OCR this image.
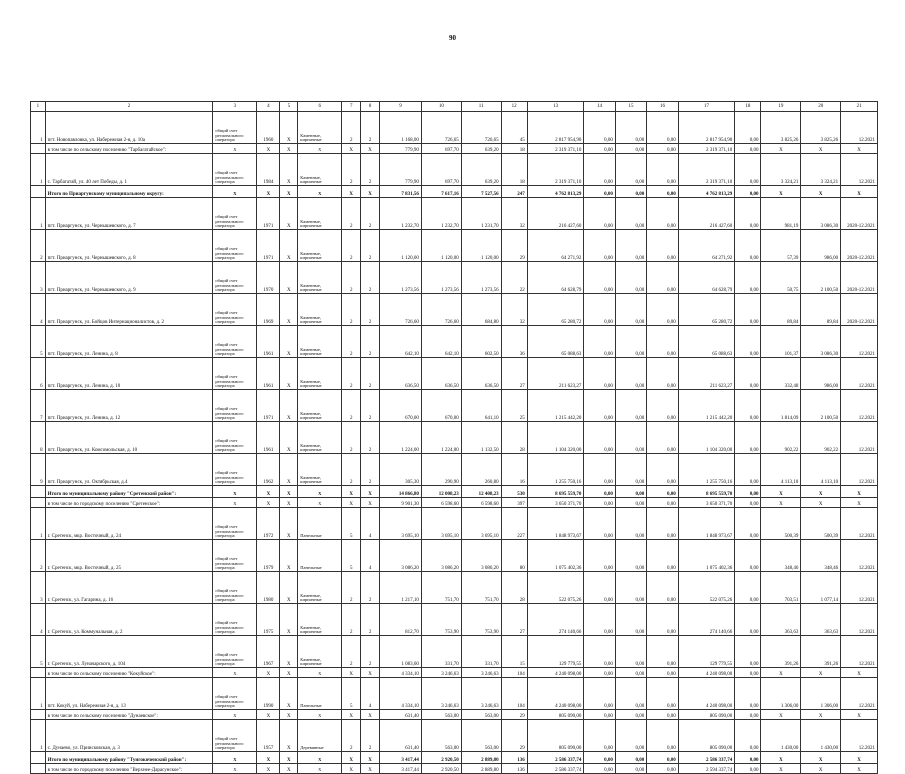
90
1	2	3	4	5	6	7	8	9	10	11	12	13	14	15	16	17	18	19	20	21
1	пгт. Новопавловка, ул. Набережная 2-я, д. 10а	общий счет регионального оператора	1960	Х	Каменные, кирпичные	2	2	1 168,00	726,65	726,65	45	2 817 954,90	0,00	0,00	0,00	2 817 954,90	0,00	3 825,26	3 825,26	12.2021
	в том числе по сельскому поселению "Тарбагатайское":	Х	Х	Х	Х	Х	Х	779,90	697,70	639,20	18	2 319 371,10	0,00	0,00	0,00	2 319 371,10	0,00	Х	Х	Х
1	с. Тарбагатай, ул. 40 лет Победы, д. 1	общий счет регионального оператора	1984	Х	Каменные, кирпичные	2	2	779,90	697,70	639,20	18	2 319 371,10	0,00	0,00	0,00	2 319 371,10	0,00	3 324,21	3 324,21	12.2021
	Итого по Приаргунскому муниципальному округу:	Х	Х	Х	Х	Х	Х	7 831,56	7 617,16	7 527,56	247	4 762 813,29	0,00	0,00	0,00	4 762 813,29	0,00	Х	Х	Х
1	пгт. Приаргунск, ул. Чернышевского, д. 7	общий счет регионального оператора	1971	Х	Каменные, кирпичные	2	2	1 232,70	1 232,70	1 231,70	32	216 427,60	0,00	0,00	0,00	216 427,60	0,00	981,19	3 086,30	2020-12.2021
2	пгт. Приаргунск, ул. Чернышевского, д. 8	общий счет регионального оператора	1971	Х	Каменные, кирпичные	2	2	1 120,00	1 120,00	1 120,00	29	64 271,92	0,00	0,00	0,00	64 271,92	0,00	57,39	986,00	2020-12.2021
3	пгт. Приаргунск, ул. Чернышевского, д. 9	общий счет регионального оператора	1970	Х	Каменные, кирпичные	2	2	1 273,56	1 273,56	1 273,56	22	64 628,79	0,00	0,00	0,00	64 628,79	0,00	50,75	2 100,50	2020-12.2021
4	пгт. Приаргунск, ул. Бойцов Интернационалистов, д. 2	общий счет регионального оператора	1969	Х	Каменные, кирпичные	2	2	726,60	726,60	684,80	32	65 280,72	0,00	0,00	0,00	65 280,72	0,00	89,84	89,84	2020-12.2021
5	пгт. Приаргунск, ул. Ленина, д. 8	общий счет регионального оператора	1961	Х	Каменные, кирпичные	2	2	642,10	642,10	602,50	36	65 088,63	0,00	0,00	0,00	65 088,63	0,00	101,37	3 086,30	12.2021
6	пгт. Приаргунск, ул. Ленина, д. 10	общий счет регионального оператора	1961	Х	Каменные, кирпичные	2	2	636,50	636,50	636,50	27	211 623,27	0,00	0,00	0,00	211 623,27	0,00	332,48	986,00	12.2021
7	пгт. Приаргунск, ул. Ленина, д. 12	общий счет регионального оператора	1971	Х	Каменные, кирпичные	2	2	670,00	670,00	641,10	25	1 215 442,20	0,00	0,00	0,00	1 215 442,20	0,00	1 814,09	2 100,50	12.2021
8	пгт. Приаргунск, ул. Комсомольская, д. 10	общий счет регионального оператора	1961	Х	Каменные, кирпичные	2	2	1 224,00	1 224,00	1 132,50	28	1 104 320,00	0,00	0,00	0,00	1 104 320,00	0,00	902,22	902,22	12.2021
9	пгт. Приаргунск, ул. Октябрьская, д.4	общий счет регионального оператора	1962	Х	Каменные, кирпичные	2	2	305,30	290,90	260,80	16	1 255 750,16	0,00	0,00	0,00	1 255 750,16	0,00	4 113,10	4 113,10	12.2021
	Итого по муниципальному району "Сретенский район":	Х	Х	Х	Х	Х	Х	14 866,80	12 008,23	12 408,23	530	8 695 559,70	0,00	0,00	0,00	8 695 559,70	0,00	Х	Х	Х
	в том числе по городскому поселению "Сретенское":	Х	Х	Х	Х	Х	Х	9 901,30	6 598,60	6 598,60	397	3 650 371,70	0,00	0,00	0,00	3 650 371,70	0,00	Х	Х	Х
1	г. Сретенск, мкр. Восточный, д. 24	общий счет регионального оператора	1972	Х	Панельные	5	4	3 695,10	3 695,10	3 695,10	227	1 848 973,67	0,00	0,00	0,00	1 848 973,67	0,00	500,39	500,39	12.2021
2	г. Сретенск, мкр. Восточный, д. 25	общий счет регионального оператора	1979	Х	Панельные	5	4	3 086,20	3 086,20	3 086,20	80	1 075 402,36	0,00	0,00	0,00	1 075 402,36	0,00	348,46	348,46	12.2021
3	г. Сретенск, ул. Гагарина, д. 16	общий счет регионального оператора	1980	Х	Каменные, кирпичные	2	2	1 217,10	751,70	751,70	28	522 075,26	0,00	0,00	0,00	522 075,26	0,00	703,51	1 077,14	12.2021
4	г. Сретенск, ул. Коммунальная, д. 2	общий счет регионального оператора	1975	Х	Каменные, кирпичные	2	2	812,70	753,90	753,90	27	274 140,66	0,00	0,00	0,00	274 140,66	0,00	363,63	363,63	12.2021
5	г. Сретенск, ул. Луначарского, д. 104	общий счет регионального оператора	1967	Х	Каменные, кирпичные	2	2	1 083,60	331,70	331,70	15	129 779,55	0,00	0,00	0,00	129 779,55	0,00	391,26	391,26	12.2021
	в том числе по сельскому поселению "Кокуйское":	Х	Х	Х	Х	Х	Х	4 334,10	3 246,63	3 246,63	104	4 240 098,00	0,00	0,00	0,00	4 240 098,00	0,00	Х	Х	Х
1	пгт. Кокуй, ул. Набережная 2-я, д. 13	общий счет регионального оператора	1990	Х	Панельные	5	4	4 334,10	3 246,63	3 246,63	104	4 240 098,00	0,00	0,00	0,00	4 240 098,00	0,00	1 306,00	1 306,00	12.2021
	в том числе по сельскому поселению "Дунаевское":	Х	Х	Х	Х	Х	Х	631,40	563,00	563,00	29	805 090,00	0,00	0,00	0,00	805 090,00	0,00	Х	Х	Х
1	с. Дунаево, ул. Приисковская, д. 3	общий счет регионального оператора	1957	Х	Деревянные	2	2	631,40	563,00	563,00	29	805 090,00	0,00	0,00	0,00	805 090,00	0,00	1 430,00	1 430,00	12.2021
	Итого по муниципальному району "Тунгокоченский район":	Х	Х	Х	Х	Х	Х	3 417,44	2 920,50	2 889,80	136	2 586 337,74	0,00	0,00	0,00	2 586 337,74	0,00	Х	Х	Х
	в том числе по городскому поселению "Верхнее-Дарасунское":	Х	Х	Х	Х	Х	Х	3 417,44	2 920,50	2 889,80	136	2 586 337,74	0,00	0,00	0,00	2 594 337,74	0,00	Х	Х	Х
